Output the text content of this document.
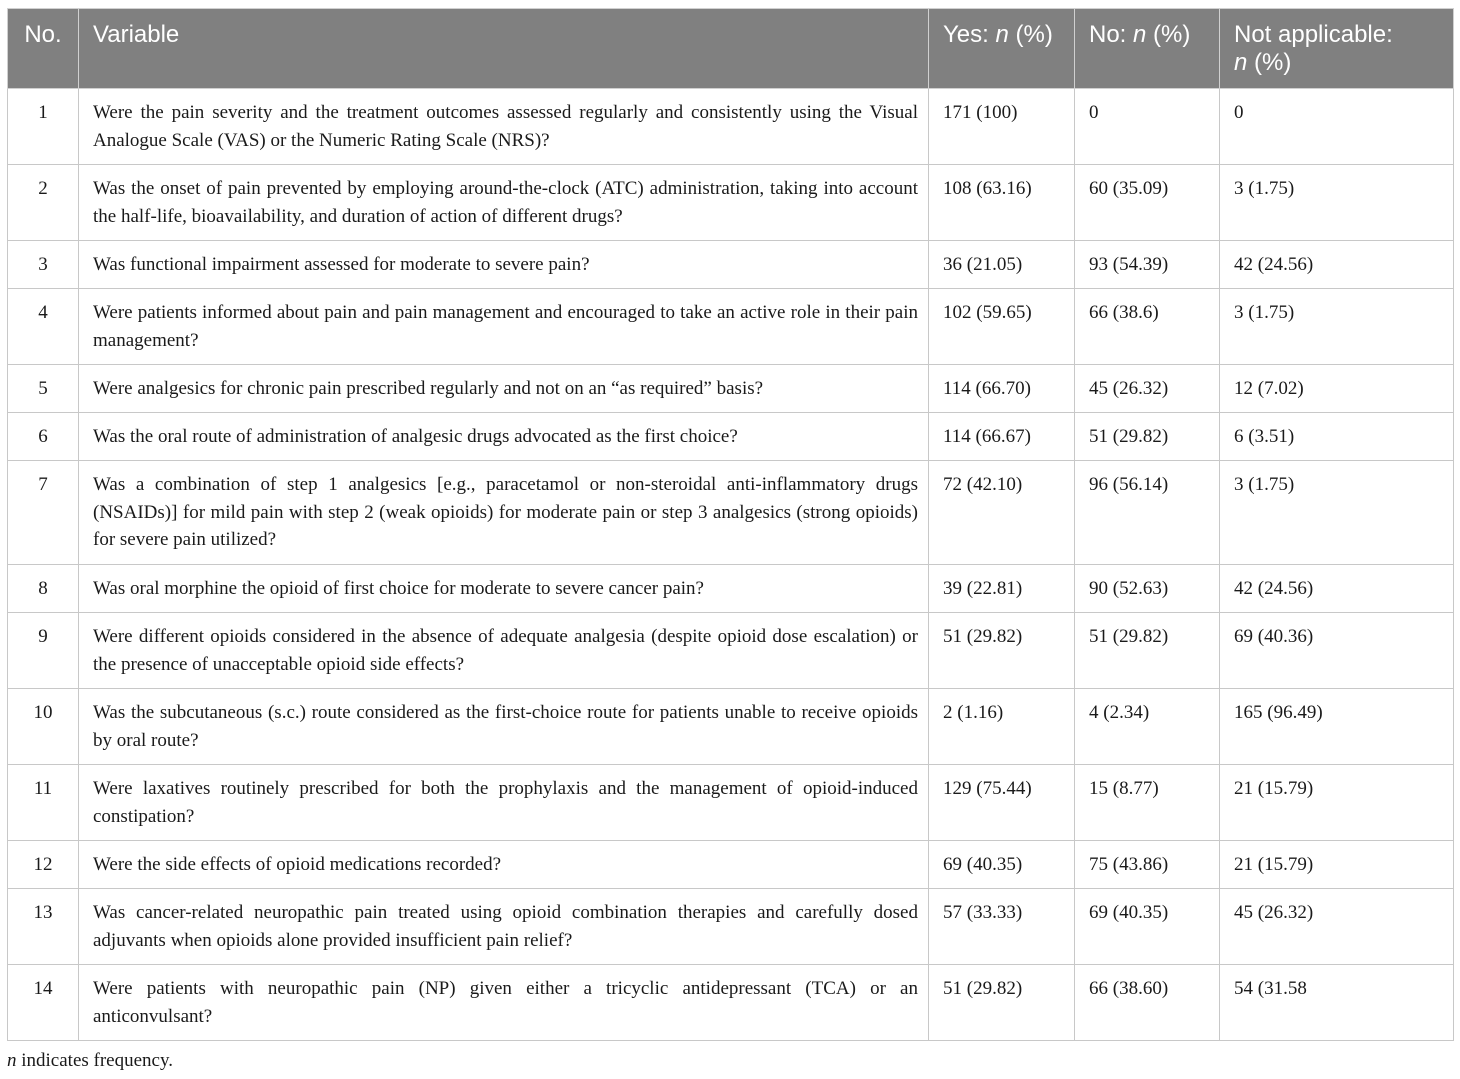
No.	Variable	Yes: n (%)	No: n (%)	Not applicable:
n (%)
1	Were the pain severity and the treatment outcomes assessed regularly and consistently using the Visual Analogue Scale (VAS) or the Numeric Rating Scale (NRS)?	171 (100)	0	0
2	Was the onset of pain prevented by employing around-the-clock (ATC) administration, taking into account the half-life, bioavailability, and duration of action of different drugs?	108 (63.16)	60 (35.09)	3 (1.75)
3	Was functional impairment assessed for moderate to severe pain?	36 (21.05)	93 (54.39)	42 (24.56)
4	Were patients informed about pain and pain management and encouraged to take an active role in their pain management?	102 (59.65)	66 (38.6)	3 (1.75)
5	Were analgesics for chronic pain prescribed regularly and not on an “as required” basis?	114 (66.70)	45 (26.32)	12 (7.02)
6	Was the oral route of administration of analgesic drugs advocated as the first choice?	114 (66.67)	51 (29.82)	6 (3.51)
7	Was a combination of step 1 analgesics [e.g., paracetamol or non-steroidal anti-inflammatory drugs (NSAIDs)] for mild pain with step 2 (weak opioids) for moderate pain or step 3 analgesics (strong opioids) for severe pain utilized?	72 (42.10)	96 (56.14)	3 (1.75)
8	Was oral morphine the opioid of first choice for moderate to severe cancer pain?	39 (22.81)	90 (52.63)	42 (24.56)
9	Were different opioids considered in the absence of adequate analgesia (despite opioid dose escalation) or the presence of unacceptable opioid side effects?	51 (29.82)	51 (29.82)	69 (40.36)
10	Was the subcutaneous (s.c.) route considered as the first-choice route for patients unable to receive opioids by oral route?	2 (1.16)	4 (2.34)	165 (96.49)
11	Were laxatives routinely prescribed for both the prophylaxis and the management of opioid-induced constipation?	129 (75.44)	15 (8.77)	21 (15.79)
12	Were the side effects of opioid medications recorded?	69 (40.35)	75 (43.86)	21 (15.79)
13	Was cancer-related neuropathic pain treated using opioid combination therapies and carefully dosed adjuvants when opioids alone provided insufficient pain relief?	57 (33.33)	69 (40.35)	45 (26.32)
14	Were patients with neuropathic pain (NP) given either a tricyclic antidepressant (TCA) or an anticonvulsant?	51 (29.82)	66 (38.60)	54 (31.58
n indicates frequency.
